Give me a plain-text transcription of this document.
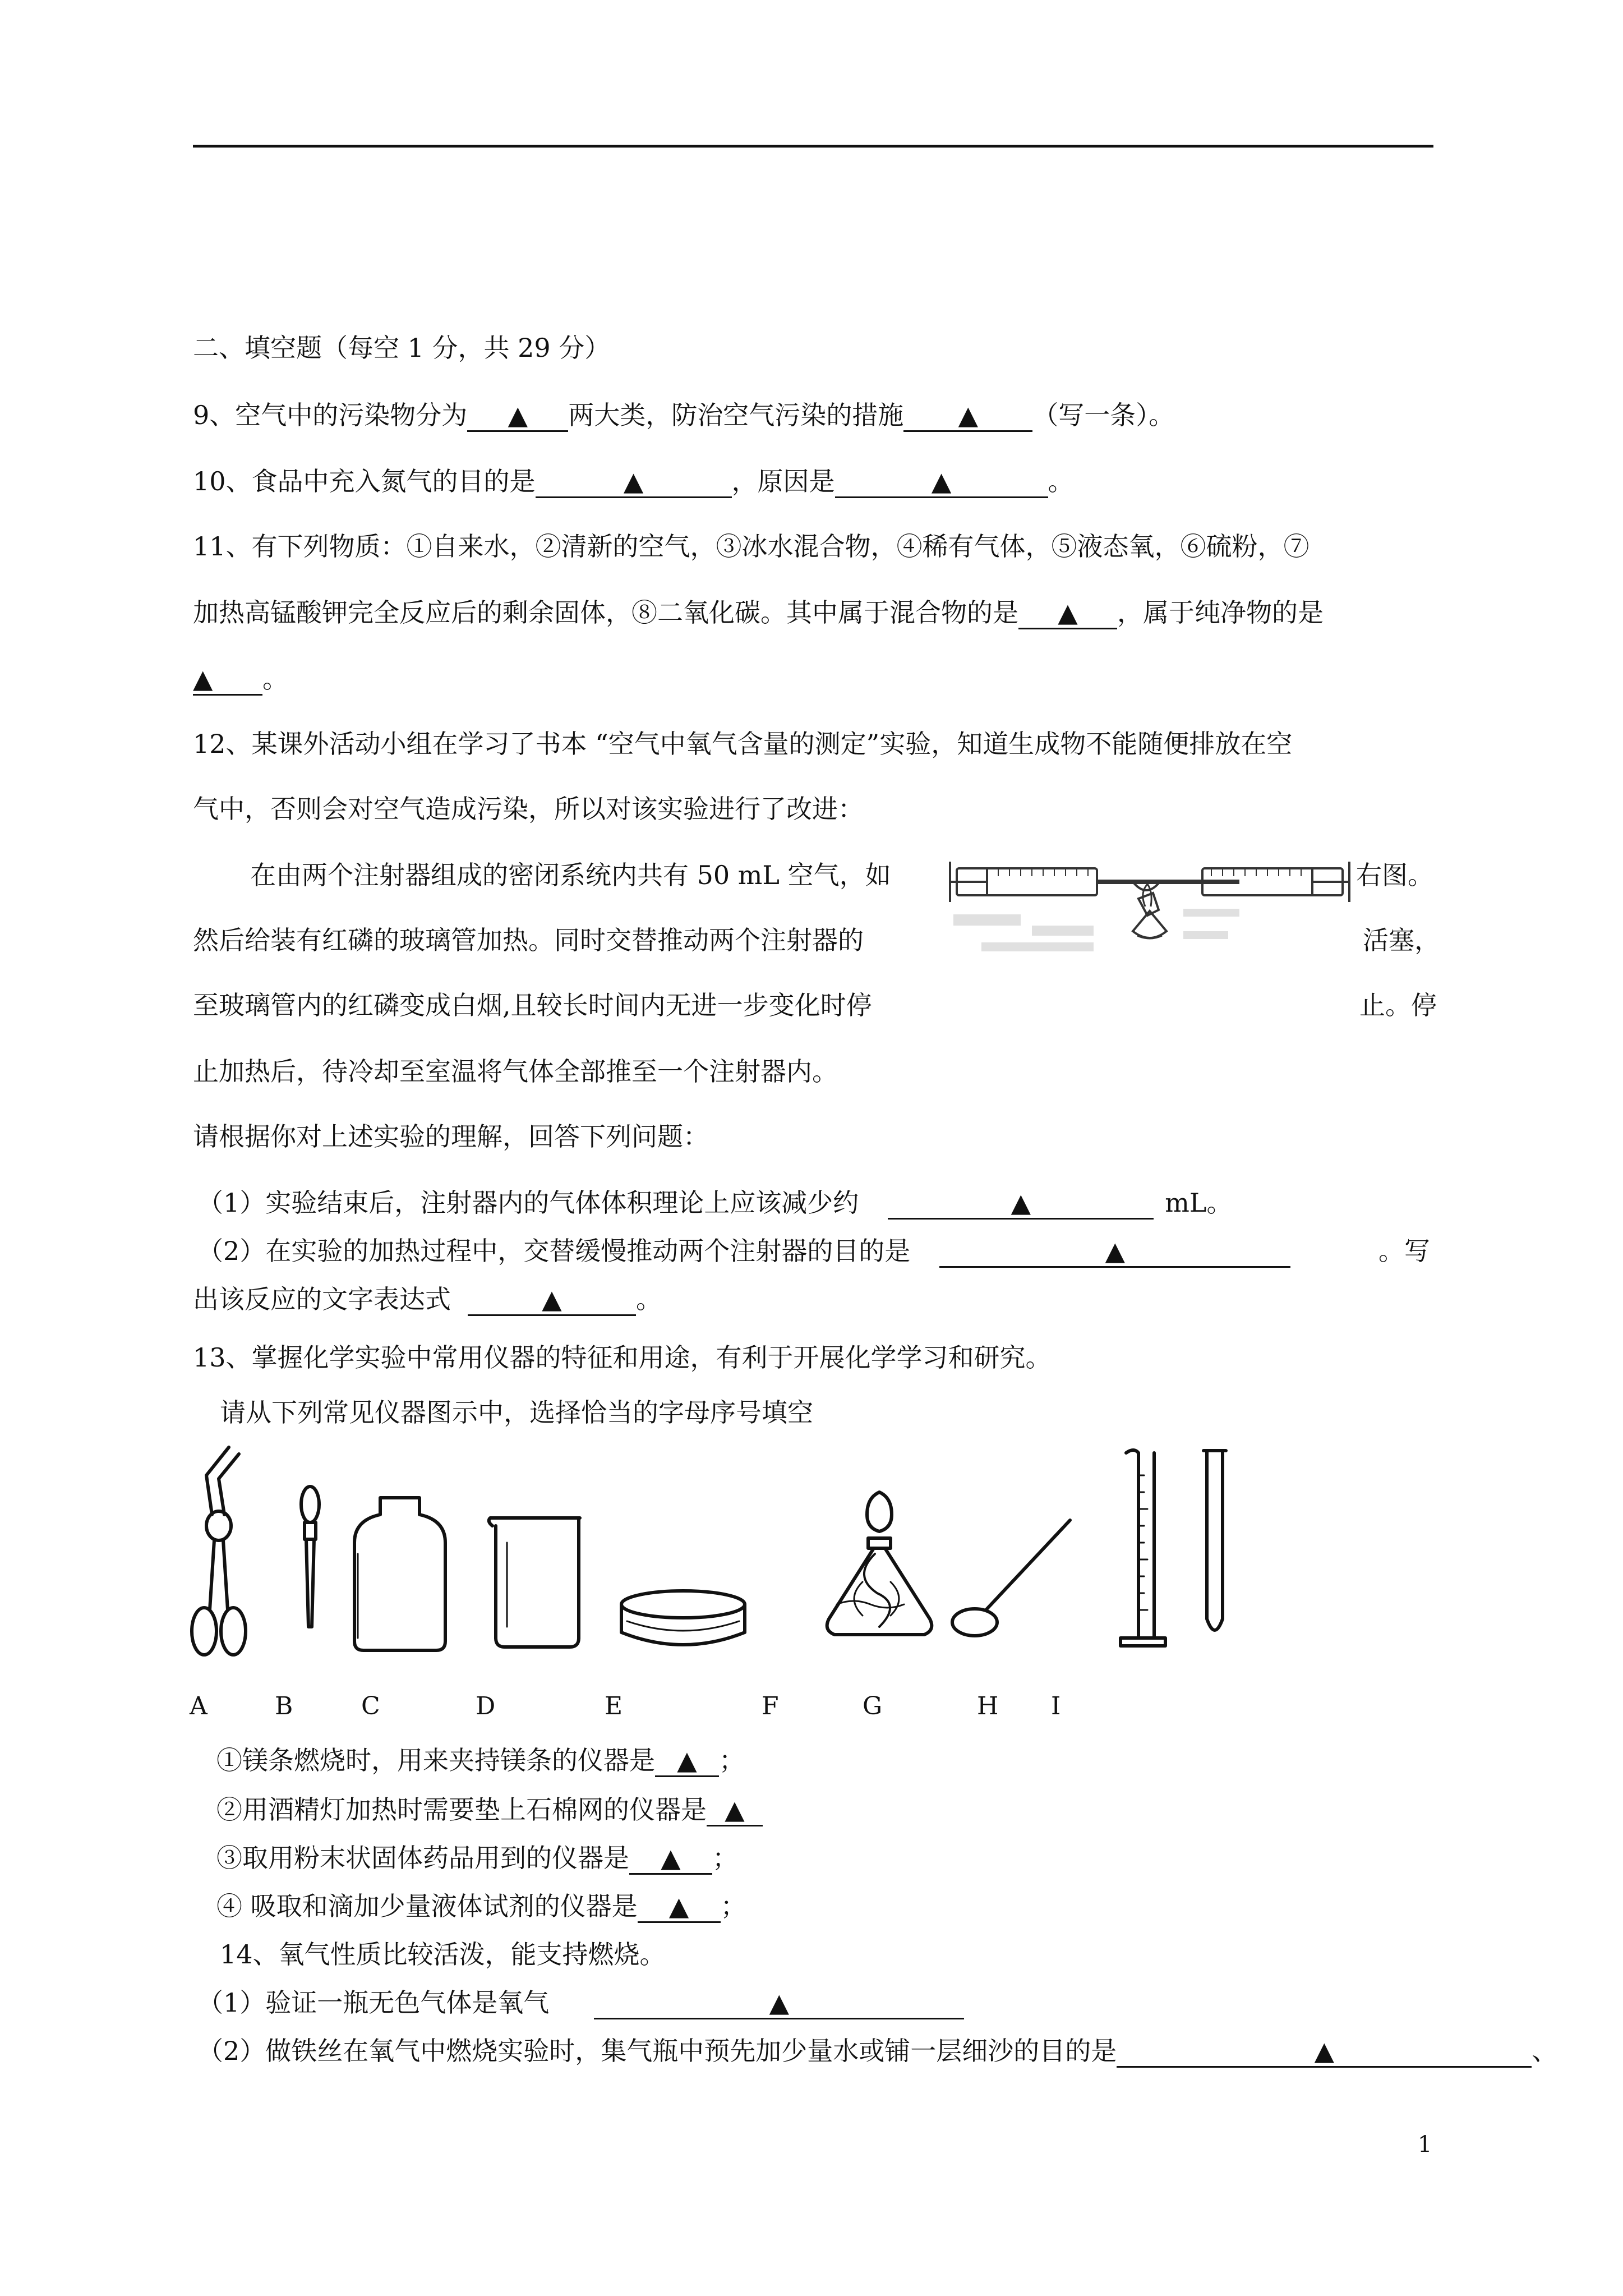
二、填空题（每空 1 分，共 29 分）
9、空气中的污染物分为 ▲ 两大类，防治空气污染的措施 ▲ （写一条）。
10、食品中充入氮气的目的是	▲	，原因是	▲	。
11、有下列物质：①自来水，②清新的空气，③冰水混合物，④稀有气体，⑤液态氧，⑥硫粉，⑦
加热高锰酸钾完全反应后的剩余固体，⑧二氧化碳。其中属于混合物的是 ▲ ，属于纯净物的是
▲ 。
12、某课外活动小组在学习了书本 “空气中氧气含量的测定”实验，知道生成物不能随便排放在空
气中，否则会对空气造成污染，所以对该实验进行了改进：
在由两个注射器组成的密闭系统内共有 50 mL 空气，如	右图。
然后给装有红磷的玻璃管加热。同时交替推动两个注射器的	活塞，
至玻璃管内的红磷变成白烟,且较长时间内无进一步变化时停	止。停
止加热后，待冷却至室温将气体全部推至一个注射器内。
请根据你对上述实验的理解，回答下列问题：
（1）实验结束后，注射器内的气体体积理论上应该减少约	▲	mL。
（2）在实验的加热过程中，交替缓慢推动两个注射器的目的是	▲	。写
出该反应的文字表达式	▲	。
13、掌握化学实验中常用仪器的特征和用途，有利于开展化学学习和研究。
请从下列常见仪器图示中，选择恰当的字母序号填空
A	B	C	D	E	F	G	H I
①镁条燃烧时，用来夹持镁条的仪器是 ▲ ；
②用酒精灯加热时需要垫上石棉网的仪器是 ▲
③取用粉末状固体药品用到的仪器是 ▲ ；
④ 吸取和滴加少量液体试剂的仪器是 ▲ ；
14、氧气性质比较活泼，能支持燃烧。
（1）验证一瓶无色气体是氧气	▲
（2）做铁丝在氧气中燃烧实验时，集气瓶中预先加少量水或铺一层细沙的目的是	▲	、
1
